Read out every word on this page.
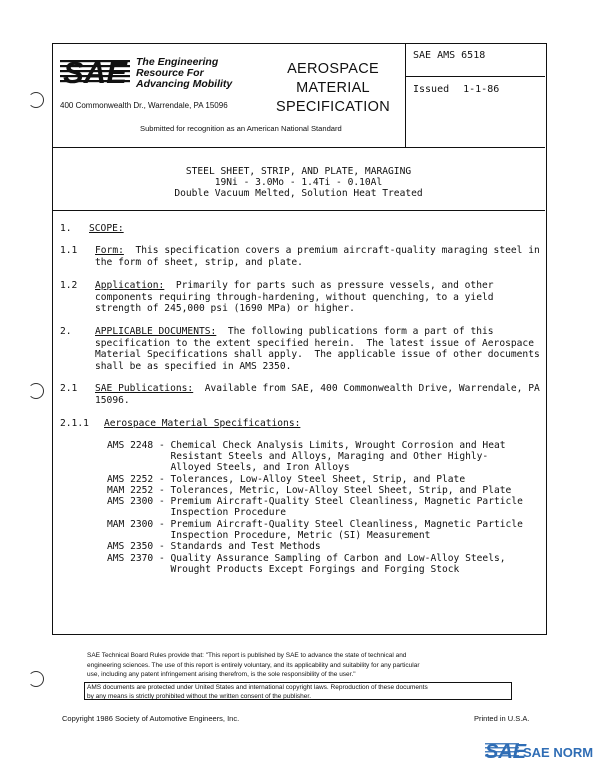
SAE The Engineering
Resource For
Advancing Mobility
400 Commonwealth Dr., Warrendale, PA 15096
AEROSPACE
MATERIAL
SPECIFICATION
Submitted for recognition as an American National Standard
SAE AMS 6518
Issued 1-1-86
STEEL SHEET, STRIP, AND PLATE, MARAGING
19Ni - 3.0Mo - 1.4Ti - 0.10Al
Double Vacuum Melted, Solution Heat Treated
1. SCOPE:
1.1 Form:  This specification covers a premium aircraft-quality maraging steel in
the form of sheet, strip, and plate.
1.2 Application:  Primarily for parts such as pressure vessels, and other
components requiring through-hardening, without quenching, to a yield
strength of 245,000 psi (1690 MPa) or higher.
2. APPLICABLE DOCUMENTS:  The following publications form a part of this
specification to the extent specified herein.  The latest issue of Aerospace
Material Specifications shall apply.  The applicable issue of other documents
shall be as specified in AMS 2350.
2.1 SAE Publications:  Available from SAE, 400 Commonwealth Drive, Warrendale, PA
15096.
2.1.1 Aerospace Material Specifications:
AMS 2248 - Chemical Check Analysis Limits, Wrought Corrosion and Heat
Resistant Steels and Alloys, Maraging and Other Highly-
Alloyed Steels, and Iron Alloys
AMS 2252 - Tolerances, Low-Alloy Steel Sheet, Strip, and Plate
MAM 2252 - Tolerances, Metric, Low-Alloy Steel Sheet, Strip, and Plate
AMS 2300 - Premium Aircraft-Quality Steel Cleanliness, Magnetic Particle
Inspection Procedure
MAM 2300 - Premium Aircraft-Quality Steel Cleanliness, Magnetic Particle
Inspection Procedure, Metric (SI) Measurement
AMS 2350 - Standards and Test Methods
AMS 2370 - Quality Assurance Sampling of Carbon and Low-Alloy Steels,
Wrought Products Except Forgings and Forging Stock
SAE Technical Board Rules provide that: "This report is published by SAE to advance the state of technical and
engineering sciences. The use of this report is entirely voluntary, and its applicability and suitability for any particular
use, including any patent infringement arising therefrom, is the sole responsibility of the user."
AMS documents are protected under United States and international copyright laws. Reproduction of these documents
by any means is strictly prohibited without the written consent of the publisher.
Copyright 1986 Society of Automotive Engineers, Inc.	Printed in U.S.A.
SAE
SAE NORM
